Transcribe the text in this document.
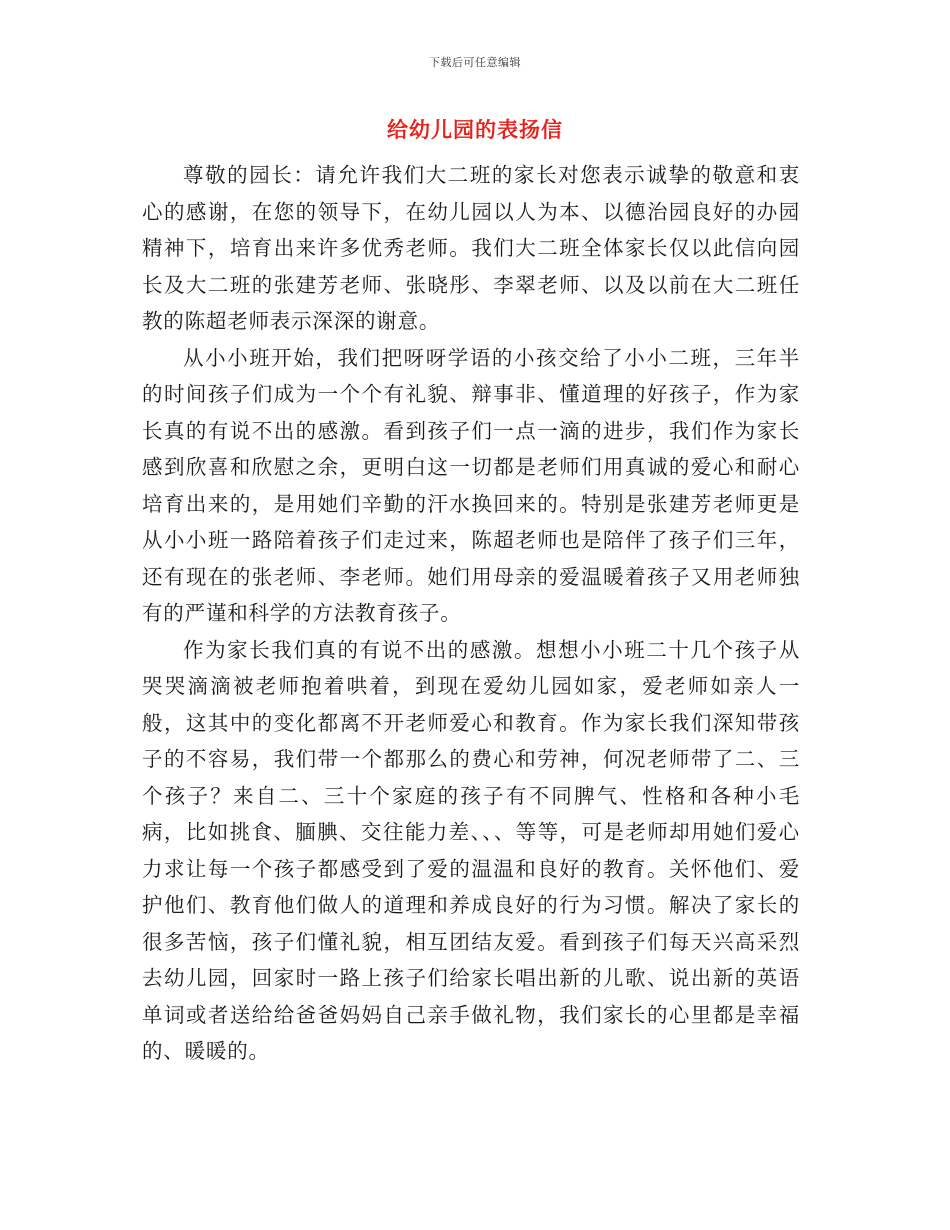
下载后可任意编辑
给幼儿园的表扬信

尊敬的园长：请允许我们大二班的家长对您表示诚挚的敬意和衷心的感谢，在您的领导下，在幼儿园以人为本、以德治园良好的办园精神下，培育出来许多优秀老师。我们大二班全体家长仅以此信向园长及大二班的张建芳老师、张晓彤、李翠老师、以及以前在大二班任教的陈超老师表示深深的谢意。

从小小班开始，我们把呀呀学语的小孩交给了小小二班，三年半的时间孩子们成为一个个有礼貌、辩事非、懂道理的好孩子，作为家长真的有说不出的感激。看到孩子们一点一滴的进步，我们作为家长感到欣喜和欣慰之余，更明白这一切都是老师们用真诚的爱心和耐心培育出来的，是用她们辛勤的汗水换回来的。特别是张建芳老师更是从小小班一路陪着孩子们走过来，陈超老师也是陪伴了孩子们三年，还有现在的张老师、李老师。她们用母亲的爱温暖着孩子又用老师独有的严谨和科学的方法教育孩子。

作为家长我们真的有说不出的感激。想想小小班二十几个孩子从哭哭滴滴被老师抱着哄着，到现在爱幼儿园如家，爱老师如亲人一般，这其中的变化都离不开老师爱心和教育。作为家长我们深知带孩子的不容易，我们带一个都那么的费心和劳神，何况老师带了二、三个孩子？来自二、三十个家庭的孩子有不同脾气、性格和各种小毛病，比如挑食、腼腆、交往能力差、、、等等，可是老师却用她们爱心力求让每一个孩子都感受到了爱的温温和良好的教育。关怀他们、爱护他们、教育他们做人的道理和养成良好的行为习惯。解决了家长的很多苦恼，孩子们懂礼貌，相互团结友爱。看到孩子们每天兴高采烈去幼儿园，回家时一路上孩子们给家长唱出新的儿歌、说出新的英语单词或者送给给爸爸妈妈自己亲手做礼物，我们家长的心里都是幸福的、暖暖的。
